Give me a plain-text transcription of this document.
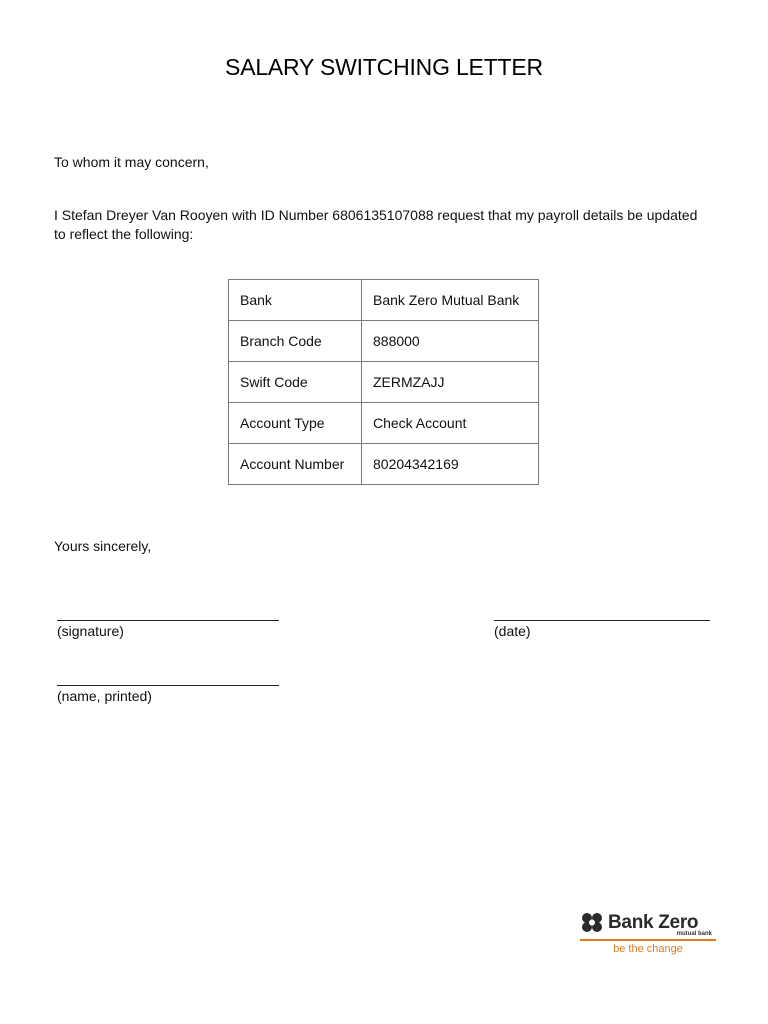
SALARY SWITCHING LETTER
To whom it may concern,
I Stefan Dreyer Van Rooyen with ID Number 6806135107088 request that my payroll details be updated to reflect the following:
Bank	Bank Zero Mutual Bank
Branch Code	888000
Swift Code	ZERMZAJJ
Account Type	Check Account
Account Number	80204342169
Yours sincerely,
(signature)	(date)
(name, printed)
Bank Zero
mutual bank
be the change
